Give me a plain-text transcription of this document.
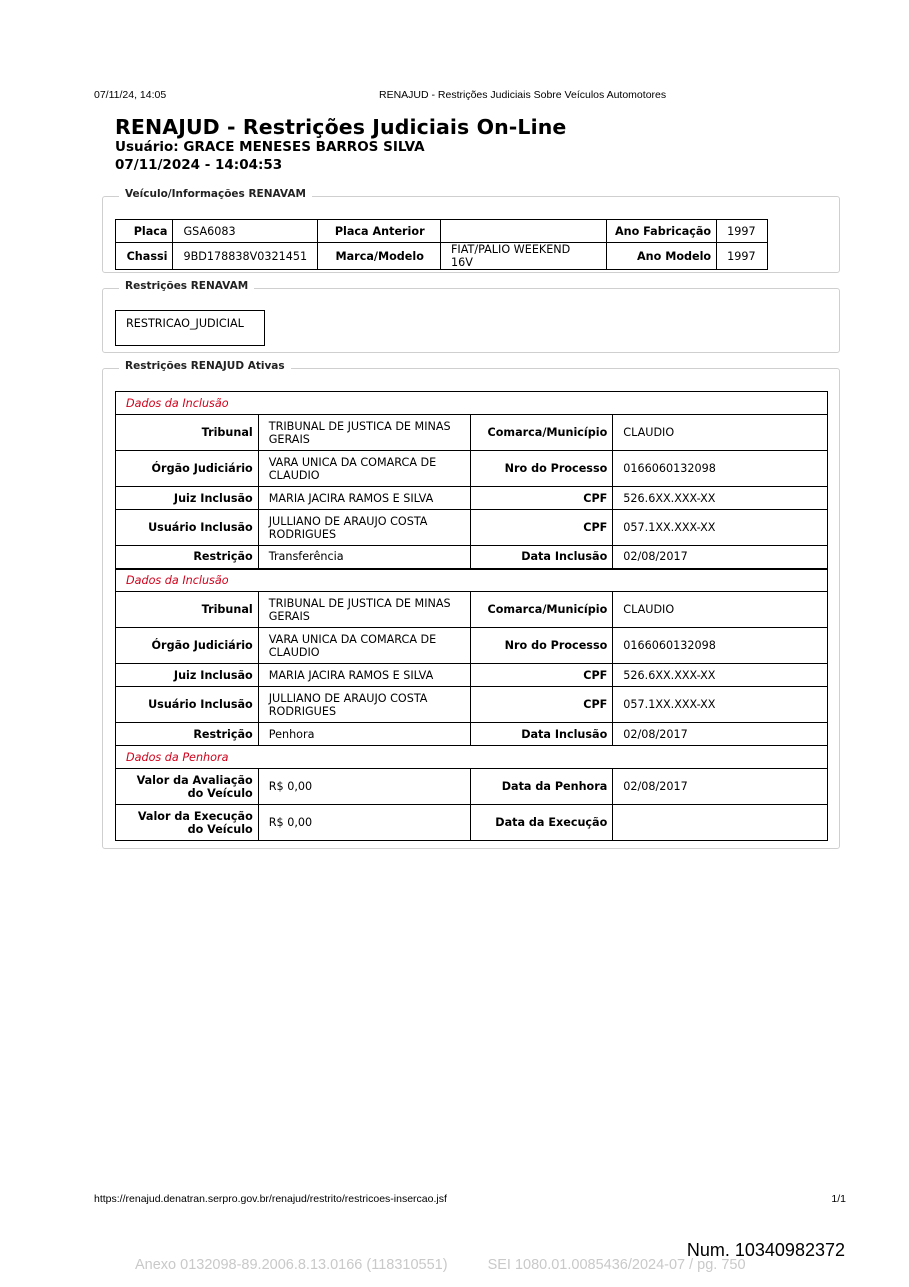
07/11/24, 14:05	RENAJUD - Restrições Judiciais Sobre Veículos Automotores
RENAJUD - Restrições Judiciais On-Line
Usuário: GRACE MENESES BARROS SILVA
07/11/2024 - 14:04:53
Veículo/Informações RENAVAM
Placa	GSA6083	Placa Anterior		Ano Fabricação	1997
Chassi	9BD178838V0321451	Marca/Modelo	FIAT/PALIO WEEKEND 16V	Ano Modelo	1997
Restrições RENAVAM
RESTRICAO_JUDICIAL
Restrições RENAJUD Ativas
Dados da Inclusão			
Tribunal	TRIBUNAL DE JUSTICA DE MINAS GERAIS	Comarca/Município	CLAUDIO
Órgão Judiciário	VARA UNICA DA COMARCA DE CLAUDIO	Nro do Processo	0166060132098
Juiz Inclusão	MARIA JACIRA RAMOS E SILVA	CPF	526.6XX.XXX-XX
Usuário Inclusão	JULLIANO DE ARAUJO COSTA RODRIGUES	CPF	057.1XX.XXX-XX
Restrição	Transferência	Data Inclusão	02/08/2017
Dados da Inclusão			
Tribunal	TRIBUNAL DE JUSTICA DE MINAS GERAIS	Comarca/Município	CLAUDIO
Órgão Judiciário	VARA UNICA DA COMARCA DE CLAUDIO	Nro do Processo	0166060132098
Juiz Inclusão	MARIA JACIRA RAMOS E SILVA	CPF	526.6XX.XXX-XX
Usuário Inclusão	JULLIANO DE ARAUJO COSTA RODRIGUES	CPF	057.1XX.XXX-XX
Restrição	Penhora	Data Inclusão	02/08/2017
Dados da Penhora			
Valor da Avaliação do Veículo	R$ 0,00	Data da Penhora	02/08/2017
Valor da Execução do Veículo	R$ 0,00	Data da Execução	
https://renajud.denatran.serpro.gov.br/renajud/restrito/restricoes-insercao.jsf	1/1
Num. 10340982372
Anexo 0132098-89.2006.8.13.0166 (118310551)	SEI 1080.01.0085436/2024-07 / pg. 750
